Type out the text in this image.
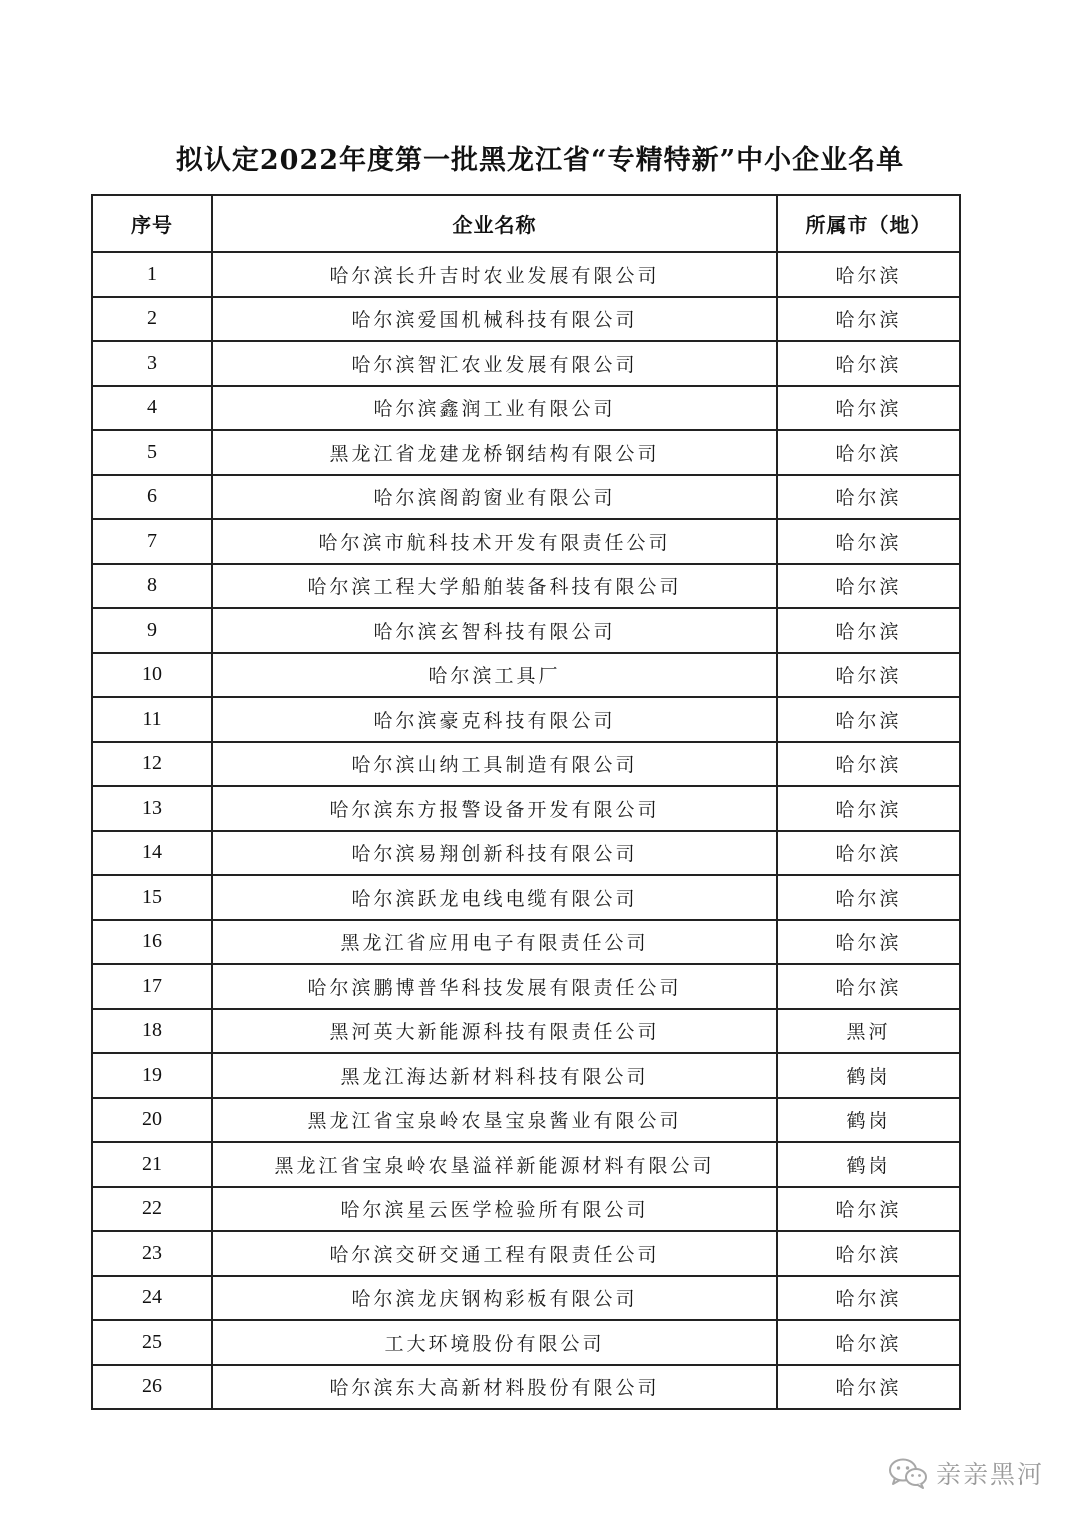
拟认定2022年度第一批黑龙江省“专精特新”中小企业名单
序号	企业名称	所属市（地）
1	哈尔滨长升吉时农业发展有限公司	哈尔滨
2	哈尔滨爱国机械科技有限公司	哈尔滨
3	哈尔滨智汇农业发展有限公司	哈尔滨
4	哈尔滨鑫润工业有限公司	哈尔滨
5	黑龙江省龙建龙桥钢结构有限公司	哈尔滨
6	哈尔滨阁韵窗业有限公司	哈尔滨
7	哈尔滨市航科技术开发有限责任公司	哈尔滨
8	哈尔滨工程大学船舶装备科技有限公司	哈尔滨
9	哈尔滨玄智科技有限公司	哈尔滨
10	哈尔滨工具厂	哈尔滨
11	哈尔滨豪克科技有限公司	哈尔滨
12	哈尔滨山纳工具制造有限公司	哈尔滨
13	哈尔滨东方报警设备开发有限公司	哈尔滨
14	哈尔滨易翔创新科技有限公司	哈尔滨
15	哈尔滨跃龙电线电缆有限公司	哈尔滨
16	黑龙江省应用电子有限责任公司	哈尔滨
17	哈尔滨鹏博普华科技发展有限责任公司	哈尔滨
18	黑河英大新能源科技有限责任公司	黑河
19	黑龙江海达新材料科技有限公司	鹤岗
20	黑龙江省宝泉岭农垦宝泉酱业有限公司	鹤岗
21	黑龙江省宝泉岭农垦溢祥新能源材料有限公司	鹤岗
22	哈尔滨星云医学检验所有限公司	哈尔滨
23	哈尔滨交研交通工程有限责任公司	哈尔滨
24	哈尔滨龙庆钢构彩板有限公司	哈尔滨
25	工大环境股份有限公司	哈尔滨
26	哈尔滨东大高新材料股份有限公司	哈尔滨
亲亲黑河
